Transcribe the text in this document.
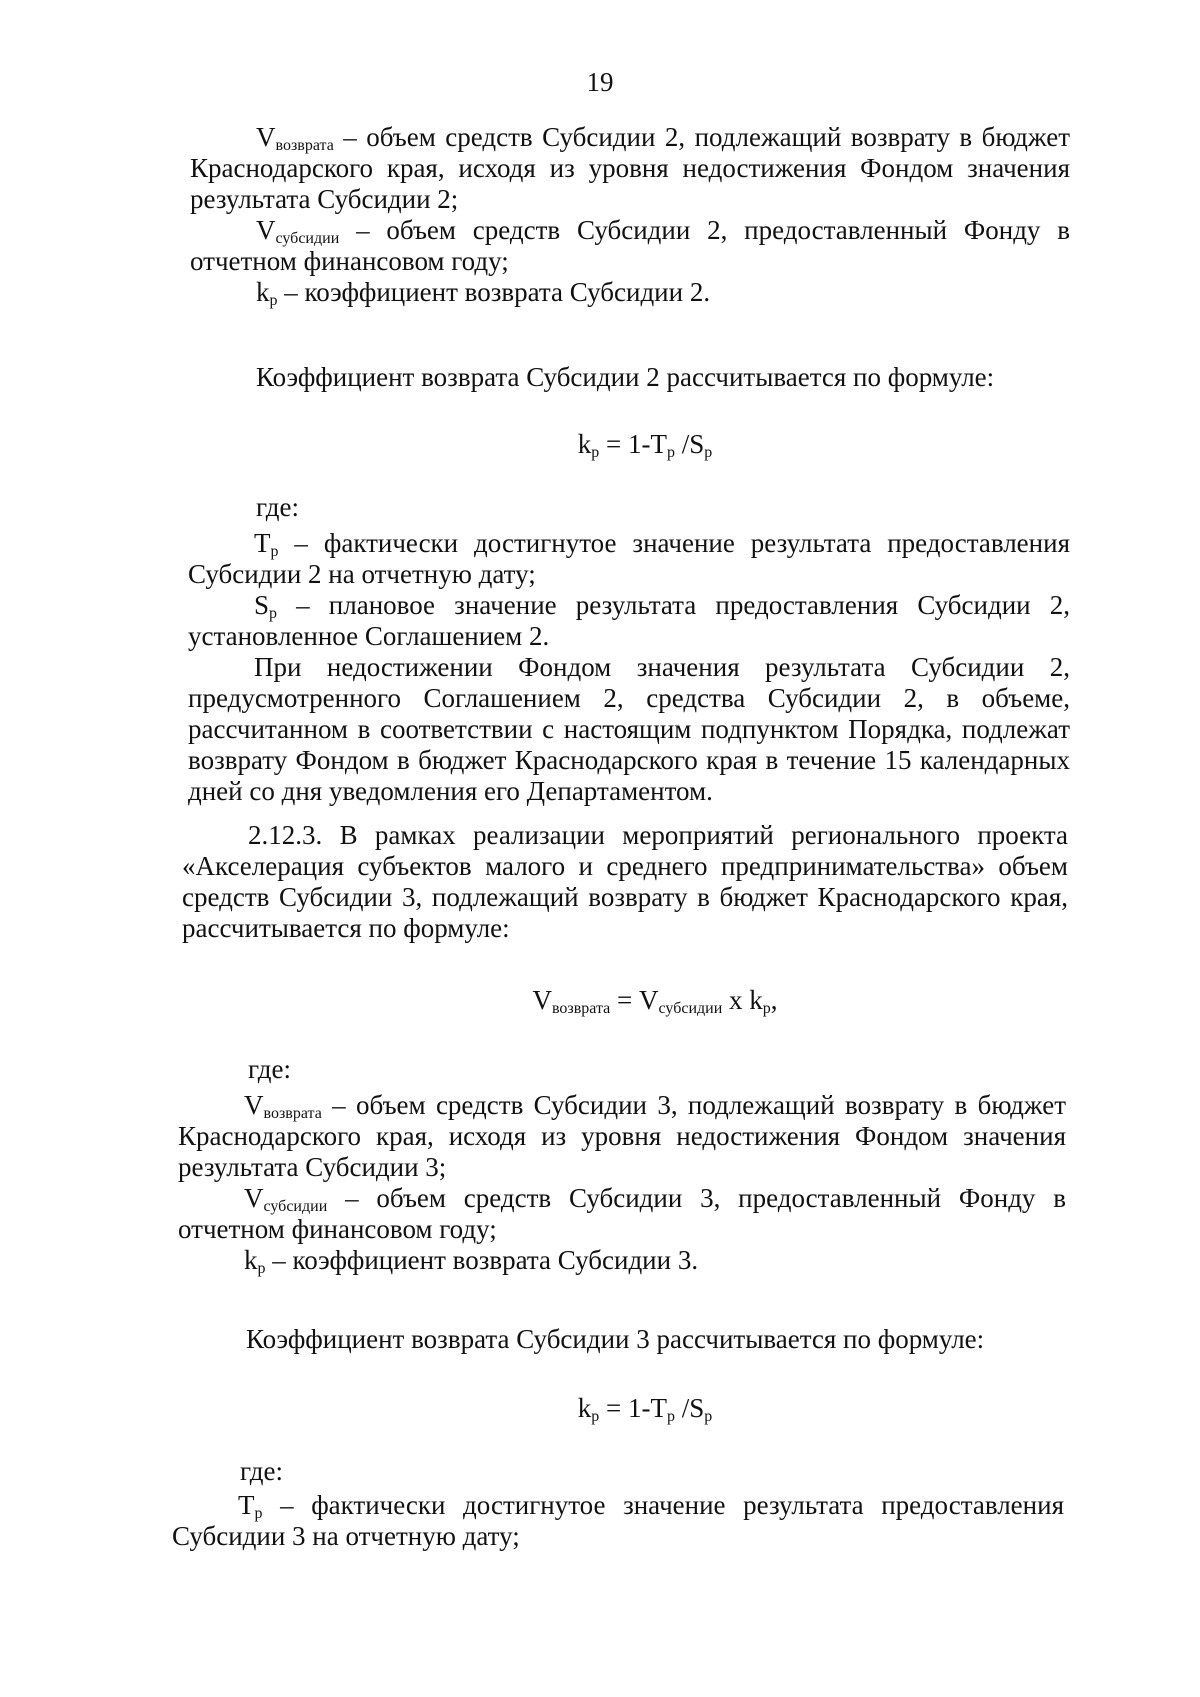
19

$V_{возврата}$ – объем средств Субсидии 2, подлежащий возврату в бюджет Краснодарского края, исходя из уровня недостижения Фондом значения результата Субсидии 2;

$V_{субсидии}$ – объем средств Субсидии 2, предоставленный Фонду в отчетном финансовом году;

$k_p$ – коэффициент возврата Субсидии 2.

Коэффициент возврата Субсидии 2 рассчитывается по формуле:
$k_p = 1-T_p$ $/S_p$
где:

$T_p$ – фактически достигнутое значение результата предоставления Субсидии 2 на отчетную дату;

$S_p$ – плановое значение результата предоставления Субсидии 2, установленное Соглашением 2.

При недостижении Фондом значения результата Субсидии 2, предусмотренного Соглашением 2, средства Субсидии 2, в объеме, рассчитанном в соответствии с настоящим подпунктом Порядка, подлежат возврату Фондом в бюджет Краснодарского края в течение 15 календарных дней со дня уведомления его Департаментом.

2.12.3. В рамках реализации мероприятий регионального проекта «Акселерация субъектов малого и среднего предпринимательства» объем средств Субсидии 3, подлежащий возврату в бюджет Краснодарского края, рассчитывается по формуле:

$V_{возврата} = V_{субсидии}$ x $k_p$,
где:

$V_{возврата}$ – объем средств Субсидии 3, подлежащий возврату в бюджет Краснодарского края, исходя из уровня недостижения Фондом значения результата Субсидии 3;

$V_{субсидии}$ – объем средств Субсидии 3, предоставленный Фонду в отчетном финансовом году;

$k_p$ – коэффициент возврата Субсидии 3.

Коэффициент возврата Субсидии 3 рассчитывается по формуле:
$k_p = 1-T_p$ $/S_p$
где:

$T_p$ – фактически достигнутое значение результата предоставления Субсидии 3 на отчетную дату;
